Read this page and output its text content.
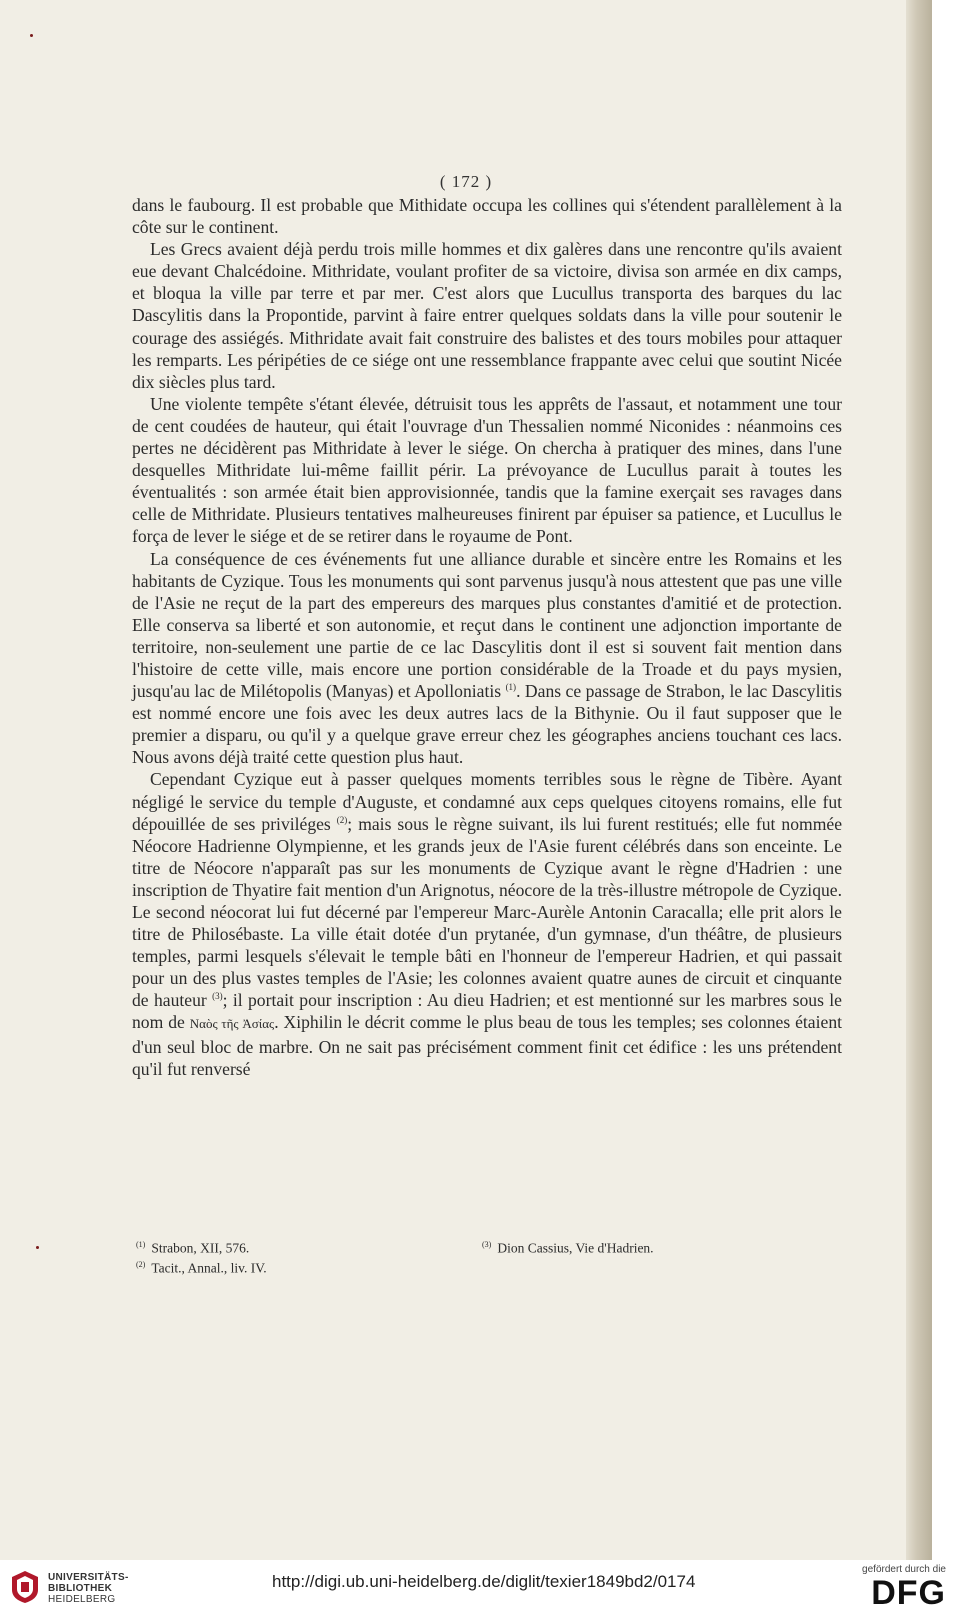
( 172 )

dans le faubourg. Il est probable que Mithidate occupa les collines qui s'étendent parallèlement à la côte sur le continent.

Les Grecs avaient déjà perdu trois mille hommes et dix galères dans une rencontre qu'ils avaient eue devant Chalcédoine. Mithridate, voulant profiter de sa victoire, divisa son armée en dix camps, et bloqua la ville par terre et par mer. C'est alors que Lucullus transporta des barques du lac Dascylitis dans la Propontide, parvint à faire entrer quelques soldats dans la ville pour soutenir le courage des assiégés. Mithridate avait fait construire des balistes et des tours mobiles pour attaquer les remparts. Les péripéties de ce siége ont une ressemblance frappante avec celui que soutint Nicée dix siècles plus tard.

Une violente tempête s'étant élevée, détruisit tous les apprêts de l'assaut, et notamment une tour de cent coudées de hauteur, qui était l'ouvrage d'un Thessalien nommé Niconides : néanmoins ces pertes ne décidèrent pas Mithridate à lever le siége. On chercha à pratiquer des mines, dans l'une desquelles Mithridate lui-même faillit périr. La prévoyance de Lucullus parait à toutes les éventualités : son armée était bien approvisionnée, tandis que la famine exerçait ses ravages dans celle de Mithridate. Plusieurs tentatives malheureuses finirent par épuiser sa patience, et Lucullus le força de lever le siége et de se retirer dans le royaume de Pont.

La conséquence de ces événements fut une alliance durable et sincère entre les Romains et les habitants de Cyzique. Tous les monuments qui sont parvenus jusqu'à nous attestent que pas une ville de l'Asie ne reçut de la part des empereurs des marques plus constantes d'amitié et de protection. Elle conserva sa liberté et son autonomie, et reçut dans le continent une adjonction importante de territoire, non-seulement une partie de ce lac Dascylitis dont il est si souvent fait mention dans l'histoire de cette ville, mais encore une portion considérable de la Troade et du pays mysien, jusqu'au lac de Milétopolis (Manyas) et Apolloniatis $^{(1)}$. Dans ce passage de Strabon, le lac Dascylitis est nommé encore une fois avec les deux autres lacs de la Bithynie. Ou il faut supposer que le premier a disparu, ou qu'il y a quelque grave erreur chez les géographes anciens touchant ces lacs. Nous avons déjà traité cette question plus haut.

Cependant Cyzique eut à passer quelques moments terribles sous le règne de Tibère. Ayant négligé le service du temple d'Auguste, et condamné aux ceps quelques citoyens romains, elle fut dépouillée de ses priviléges $^{(2)}$; mais sous le règne suivant, ils lui furent restitués; elle fut nommée Néocore Hadrienne Olympienne, et les grands jeux de l'Asie furent célébrés dans son enceinte. Le titre de Néocore n'apparaît pas sur les monuments de Cyzique avant le règne d'Hadrien : une inscription de Thyatire fait mention d'un Arignotus, néocore de la très-illustre métropole de Cyzique. Le second néocorat lui fut décerné par l'empereur Marc-Aurèle Antonin Caracalla; elle prit alors le titre de Philosébaste. La ville était dotée d'un prytanée, d'un gymnase, d'un théâtre, de plusieurs temples, parmi lesquels s'élevait le temple bâti en l'honneur de l'empereur Hadrien, et qui passait pour un des plus vastes temples de l'Asie; les colonnes avaient quatre aunes de circuit et cinquante de hauteur $^{(3)}$; il portait pour inscription : Au dieu Hadrien; et est mentionné sur les marbres sous le nom de Ναὸς τῆς Ἀσίας. Xiphilin le décrit comme le plus beau de tous les temples; ses colonnes étaient d'un seul bloc de marbre. On ne sait pas précisément comment finit cet édifice : les uns prétendent qu'il fut renversé

$^{(1)}$ Strabon, XII, 576.
$^{(2)}$ Tacit., Annal., liv. IV.
$^{(3)}$ Dion Cassius, Vie d'Hadrien.
UNIVERSITÄTS-
BIBLIOTHEK
HEIDELBERG
http://digi.ub.uni-heidelberg.de/diglit/texier1849bd2/0174
gefördert durch die
DFG
